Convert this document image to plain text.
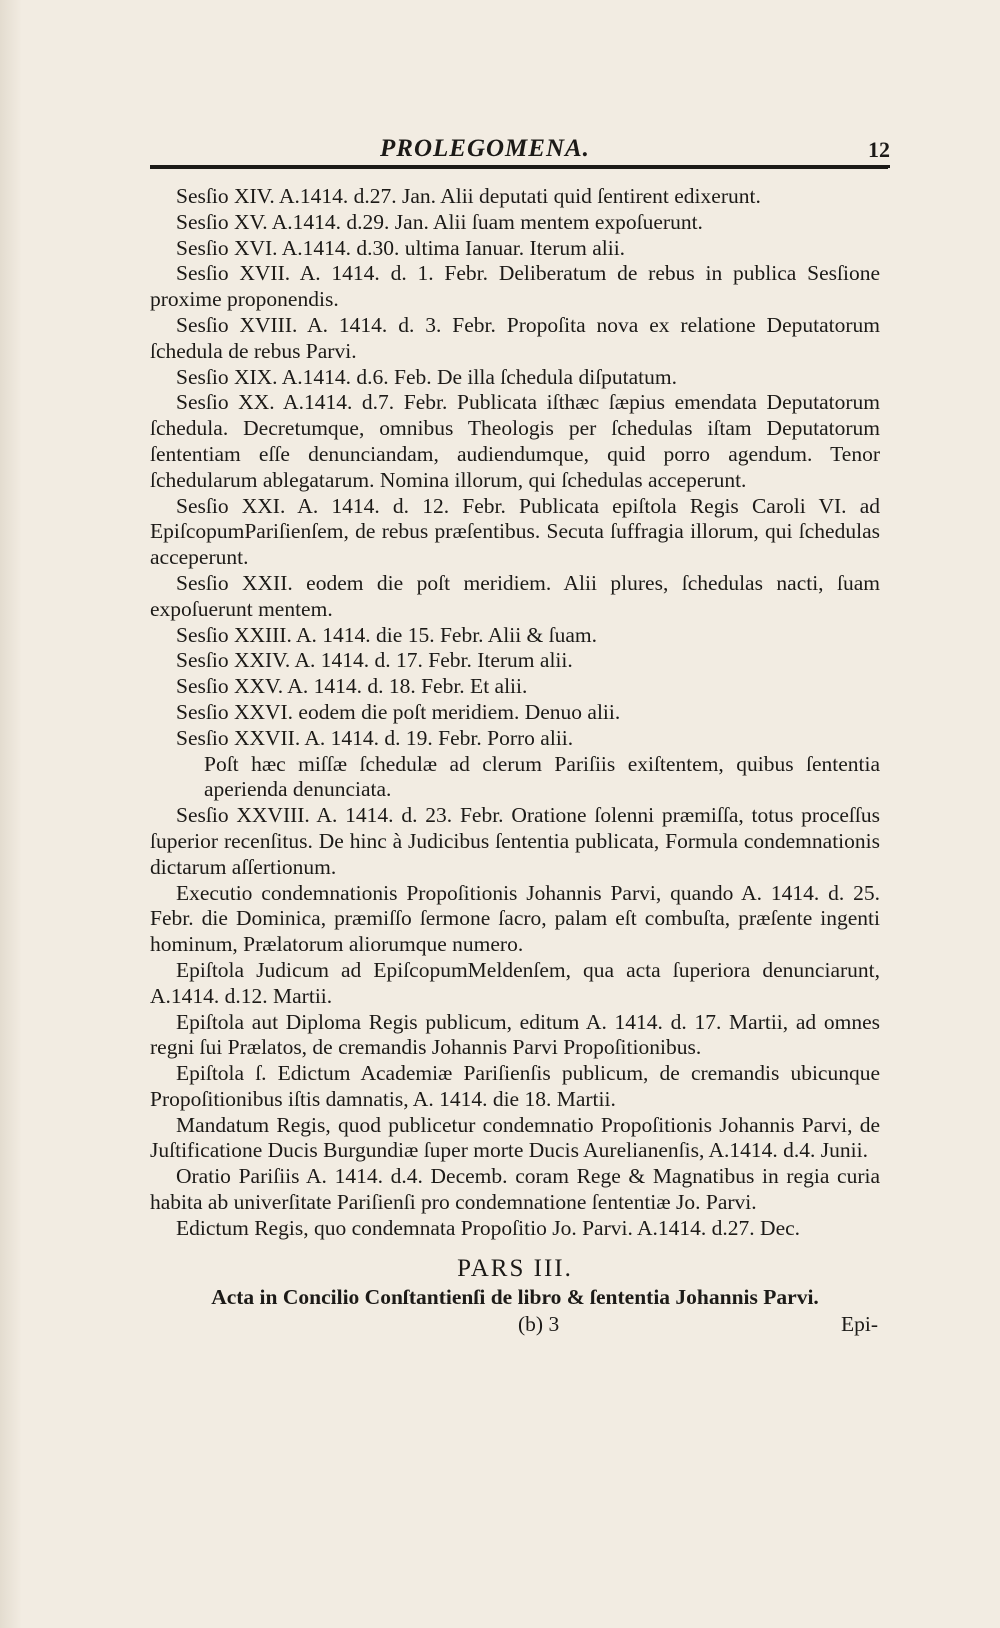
PROLEGOMENA.	12

Sesſio XIV. A.1414. d.27. Jan. Alii deputati quid ſentirent edixerunt.

Sesſio XV. A.1414. d.29. Jan. Alii ſuam mentem expoſuerunt.

Sesſio XVI. A.1414. d.30. ultima Ianuar. Iterum alii.

Sesſio XVII. A. 1414. d. 1. Febr. Deliberatum de rebus in publica Sesſione proxime proponendis.

Sesſio XVIII. A. 1414. d. 3. Febr. Propoſita nova ex relatione Deputatorum ſchedula de rebus Parvi.

Sesſio XIX. A.1414. d.6. Feb. De illa ſchedula diſputatum.

Sesſio XX. A.1414. d.7. Febr. Publicata iſthæc ſæpius emendata Deputatorum ſchedula. Decretumque, omnibus Theologis per ſchedulas iſtam Deputatorum ſententiam eſſe denunciandam, audiendumque, quid porro agendum. Tenor ſchedularum ablegatarum. Nomina illorum, qui ſchedulas acceperunt.

Sesſio XXI. A. 1414. d. 12. Febr. Publicata epiſtola Regis Caroli VI. ad EpiſcopumParіſienſem, de rebus præſentibus. Secuta ſuffragia illorum, qui ſchedulas acceperunt.

Sesſio XXII. eodem die poſt meridiem. Alii plures, ſchedulas nacti, ſuam expoſuerunt mentem.

Sesſio XXIII. A. 1414. die 15. Febr. Alii & ſuam.

Sesſio XXIV. A. 1414. d. 17. Febr. Iterum alii.

Sesſio XXV. A. 1414. d. 18. Febr. Et alii.

Sesſio XXVI. eodem die poſt meridiem. Denuo alii.

Sesſio XXVII. A. 1414. d. 19. Febr. Porro alii.

Poſt hæc miſſæ ſchedulæ ad clerum Pariſiis exiſtentem, quibus ſententia aperienda denunciata.

Sesſio XXVIII. A. 1414. d. 23. Febr. Oratione ſolenni præmiſſa, totus proceſſus ſuperior recenſitus. De hinc à Judicibus ſententia publicata, Formula condemnationis dictarum aſſertionum.

Executio condemnationis Propoſitionis Johannis Parvi, quando A. 1414. d. 25. Febr. die Dominica, præmiſſo ſermone ſacro, palam eſt combuſta, præſente ingenti hominum, Prælatorum aliorumque numero.

Epiſtola Judicum ad EpiſcopumMeldenſem, qua acta ſuperiora denunciarunt, A.1414. d.12. Martii.

Epiſtola aut Diploma Regis publicum, editum A. 1414. d. 17. Martii, ad omnes regni ſui Prælatos, de cremandis Johannis Parvi Propoſitionibus.

Epiſtola ſ. Edictum Academiæ Pariſienſis publicum, de cremandis ubicunque Propoſitionibus iſtis damnatis, A. 1414. die 18. Martii.

Mandatum Regis, quod publicetur condemnatio Propoſitionis Johannis Parvi, de Juſtificatione Ducis Burgundiæ ſuper morte Ducis Aurelianenſis, A.1414. d.4. Junii.

Oratio Pariſiis A. 1414. d.4. Decemb. coram Rege & Magnatibus in regia curia habita ab univerſitate Pariſienſi pro condemnatione ſententiæ Jo. Parvi.

Edictum Regis, quo condemnata Propoſitio Jo. Parvi. A.1414. d.27. Dec.

PARS III.
Acta in Concilio Conſtantienſi de libro & ſententia Johannis Parvi.
(b) 3	Epi-
